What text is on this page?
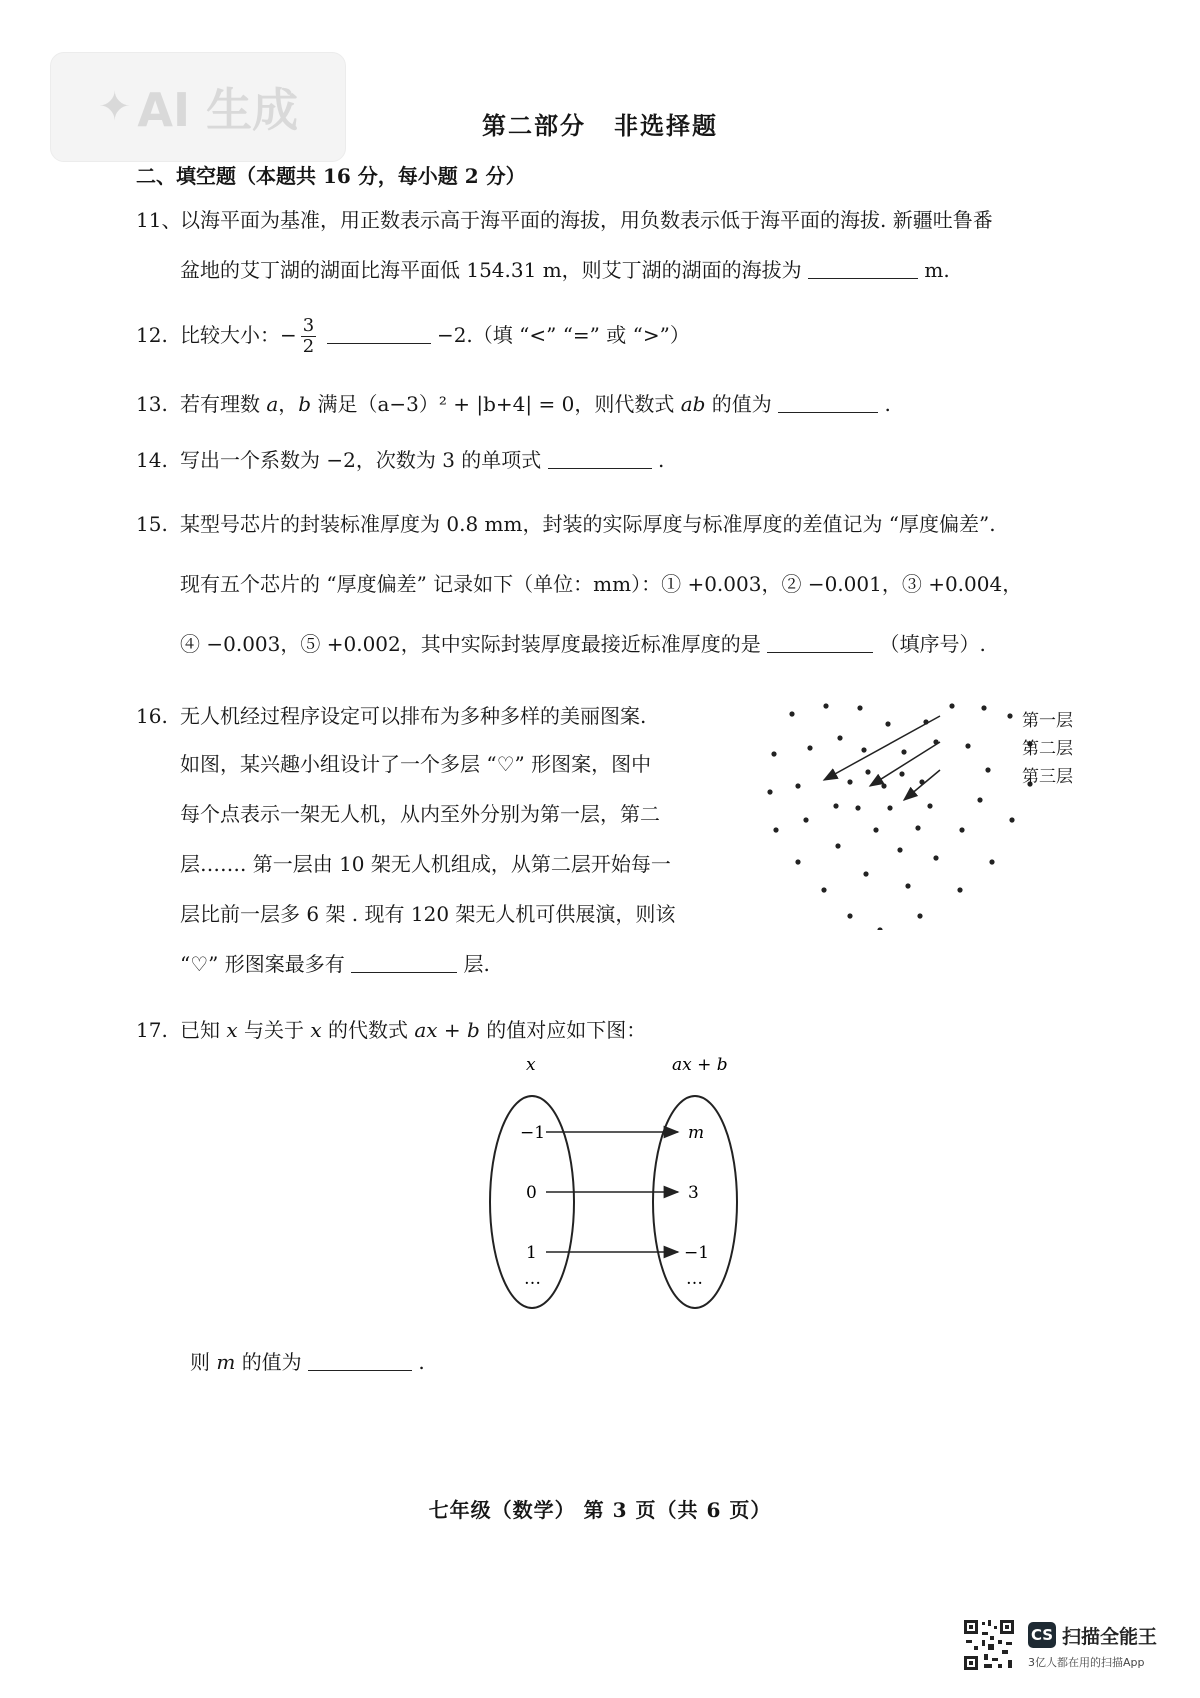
✦ AI 生成	第二部分 非选择题
二、填空题（本题共 16 分，每小题 2 分）
11、以海平面为基准，用正数表示高于海平面的海拔，用负数表示低于海平面的海拔. 新疆吐鲁番
盆地的艾丁湖的湖面比海平面低 154.31 m，则艾丁湖的湖面的海拔为	m.
12. 比较大小：− $\frac{3}{2}$	−2.（填 “<” “=” 或 “>”）
13. 若有理数 a，b 满足（a−3）² + |b+4| = 0，则代数式 ab 的值为	.
14. 写出一个系数为 −2，次数为 3 的单项式	.
15. 某型号芯片的封装标准厚度为 0.8 mm，封装的实际厚度与标准厚度的差值记为 “厚度偏差”.
现有五个芯片的 “厚度偏差” 记录如下（单位：mm）：① +0.003，② −0.001，③ +0.004，
④ −0.003，⑤ +0.002，其中实际封装厚度最接近标准厚度的是	（填序号）.
16. 无人机经过程序设定可以排布为多种多样的美丽图案.
如图，某兴趣小组设计了一个多层 “♡” 形图案，图中
每个点表示一架无人机，从内至外分别为第一层，第二
层……. 第一层由 10 架无人机组成，从第二层开始每一
层比前一层多 6 架 . 现有 120 架无人机可供展演，则该
“♡” 形图案最多有	层.
第一层
第二层
第三层
17. 已知 x 与关于 x 的代数式 ax + b 的值对应如下图：
x	ax + b
−1
0
1
…
m
3
−1
…
则 m 的值为	.
七年级（数学） 第 3 页（共 6 页）
CS 扫描全能王
3亿人都在用的扫描App
